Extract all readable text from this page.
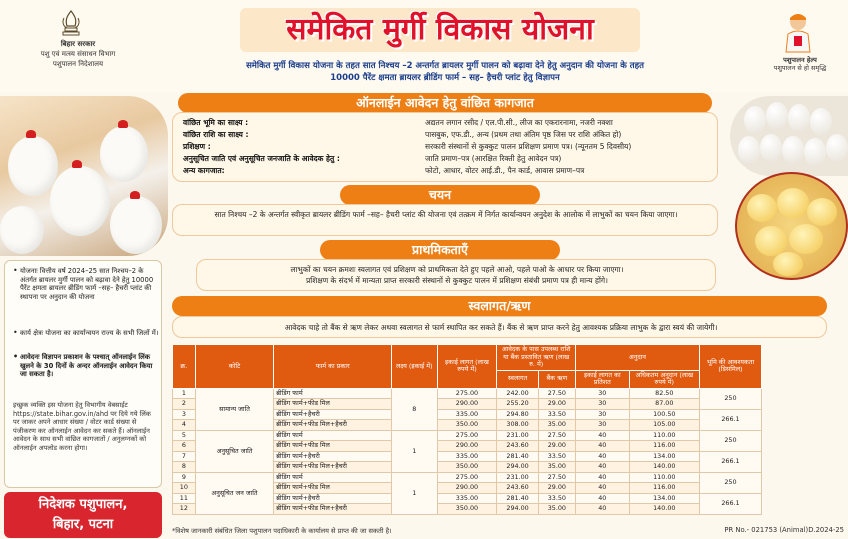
बिहार सरकार
पशु एवं मत्स्य संसाधन विभाग
पशुपालन निदेशालय
समेकित मुर्गी विकास योजना
समेकित मुर्गी विकास योजना के तहत सात निश्चय –2 अन्तर्गत ब्रायलर मुर्गी पालन को बढ़ावा देने हेतु अनुदान की योजना के तहत
10000 पैरेंट क्षमता ब्रायलर ब्रीडिंग फार्म – सह– हैचरी प्लांट हेतु विज्ञापन
पशुपालन हेल्प
पशुपालन से हो समृद्धि
ऑनलाईन आवेदन हेतु वांछित कागजात
वांछित भूमि का साक्ष्य :	अद्यतन लगान रसीद / एल.पी.सी., लीज का एकरारनामा, नजरी नक्शा
वांछित राशि का साक्ष्य :	पासबुक, एफ.डी., अन्य (प्रथम तथा अंतिम पृष्ठ जिस पर राशि अंकित हो)
प्रशिक्षण :	सरकारी संस्थानों से कुक्कुट पालन प्रशिक्षण प्रमाण पत्र। (न्यूनतम 5 दिवसीय)
अनुसूचित जाति एवं अनुसूचित जनजाति के आवेदक हेतु :	जाति प्रमाण–पत्र (आरक्षित रिक्ती हेतु आवेदन पत्र)
अन्य कागजात:	फोटो, आधार, वोटर आई.डी., पैन कार्ड, आवास प्रमाण–पत्र
चयन
सात निश्चय –2 के अन्तर्गत स्वीकृत ब्रायलर ब्रीडिंग फार्म –सह– हैचरी प्लांट की योजना एवं तत्क्रम में निर्गत कार्यान्वयन अनुदेश के आलोक में लाभुकों का चयन किया जाएगा।
प्राथमिकताएँ
लाभुकों का चयन क्रमशः स्वलागत एवं प्रशिक्षण को प्राथमिकता देते हुए पहले आओ, पहले पाओ के आधार पर किया जाएगा।
प्रशिक्षण के संदर्भ में मान्यता प्राप्त सरकारी संस्थानों से कुक्कुट पालन में प्रशिक्षण संबंधी प्रमाण पत्र ही मान्य होंगे।
स्वलागत/ऋण
आवेदक चाहे तो बैंक से ऋण लेकर अथवा स्वलागत से फार्म स्थापित कर सकते हैं। बैंक से ऋण प्राप्त करने हेतु आवश्यक प्रक्रिया लाभुक के द्वारा स्वयं की जायेगी।
• योजनाः वित्तीय वर्ष 2024–25 सात निश्चय–2 के अंतर्गत ब्रायलर मुर्गी पालन को बढ़ावा देने हेतु 10000 पैरेंट क्षमता ब्रायलर ब्रीडिंग फार्म –सह– हैचरी प्लांट की स्थापना पर अनुदान की योजना
• कार्य क्षेत्रः योजना का कार्यान्वयन राज्य के सभी जिलों में।
• आवेदनः विज्ञापन प्रकाशन के पश्चात् ऑनलाईन लिंक खुलने के 30 दिनों के अन्दर ऑनलाईन आवेदन किया जा सकता है।
इच्छुक व्यक्ति इस योजना हेतु विभागीय वेबसाईट https://state.bihar.gov.in/ahd पर दिये गये लिंक पर जाकर अपने आधार संख्या / वोटर कार्ड संख्या से पंजीकरण कर ऑनलाईन आवेदन कर सकते हैं। ऑनलाईन आवेदन के साथ सभी वांछित कागजातों / अनुलग्नकों को ऑनलाईन अपलोड करना होगा।
निदेशक पशुपालन,
बिहार, पटना
क्र.	कोटि	फार्म का प्रकार	लक्ष्य (इकाई में)	इकाई लागत (लाख रुपये में)	आवेदक के पास उपलब्ध राशि या बैंक प्रस्तावित ऋण (लाख रु. में)		अनुदान		भूमि की आवश्यकता (डिसमिल)
					स्वलागत	बैंक ऋण	इकाई लागत का प्रतिशत	अधिकतम अनुदान (लाख रुपये में)	
1	सामान्य जाति	ब्रीडिंग फार्म	8	275.00	242.00	27.50	30	82.50	250
2		ब्रीडिंग फार्म+फीड मिल		290.00	255.20	29.00	30	87.00	
3		ब्रीडिंग फार्म+हैचरी		335.00	294.80	33.50	30	100.50	266.1
4		ब्रीडिंग फार्म+फीड मिल+हैचरी		350.00	308.00	35.00	30	105.00	
5	अनुसूचित जाति	ब्रीडिंग फार्म	1	275.00	231.00	27.50	40	110.00	250
6		ब्रीडिंग फार्म+फीड मिल		290.00	243.60	29.00	40	116.00	
7		ब्रीडिंग फार्म+हैचरी		335.00	281.40	33.50	40	134.00	266.1
8		ब्रीडिंग फार्म+फीड मिल+हैचरी		350.00	294.00	35.00	40	140.00	
9	अनुसूचित जन जाति	ब्रीडिंग फार्म	1	275.00	231.00	27.50	40	110.00	250
10		ब्रीडिंग फार्म+फीड मिल		290.00	243.60	29.00	40	116.00	
11		ब्रीडिंग फार्म+हैचरी		335.00	281.40	33.50	40	134.00	266.1
12		ब्रीडिंग फार्म+फीड मिल+हैचरी		350.00	294.00	35.00	40	140.00	
*विशेष जानकारी संबंधित जिला पशुपालन पदाधिकारी के कार्यालय से प्राप्त की जा सकती है।	PR No.- 021753 (Animal)D.2024-25
